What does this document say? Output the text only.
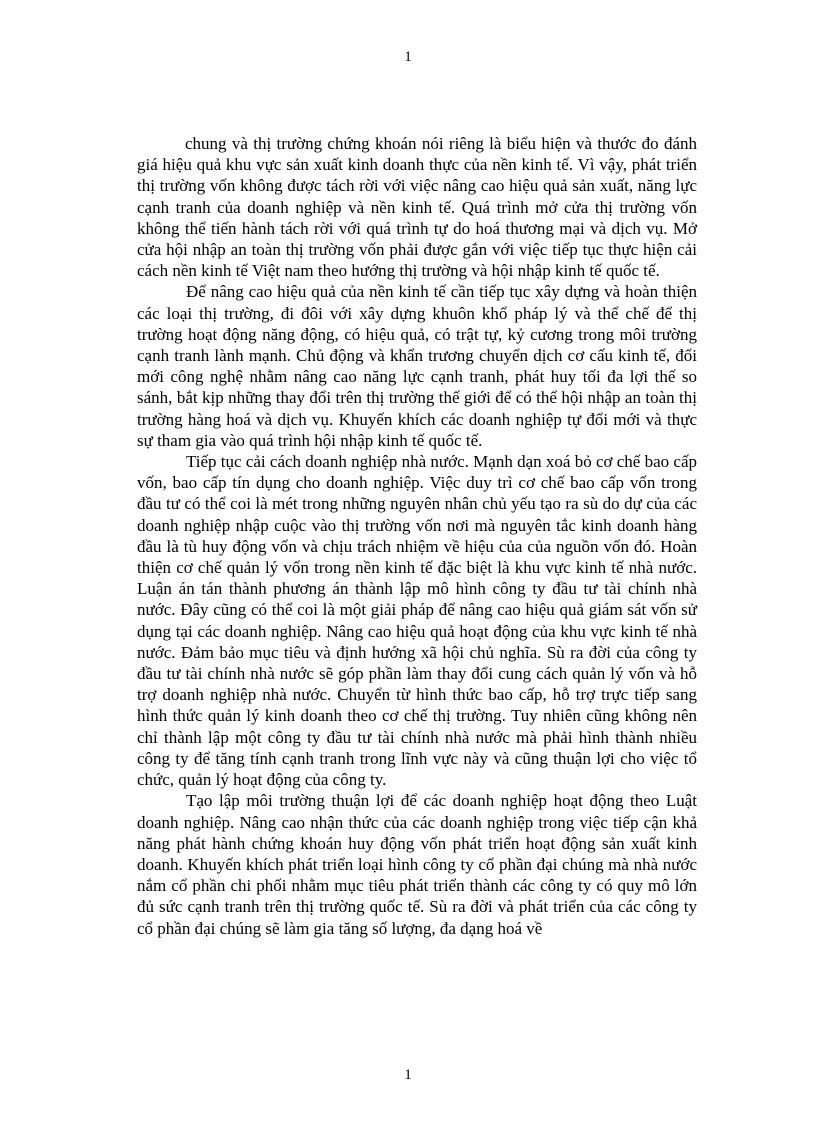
1

chung và thị trường chứng khoán nói riêng là biểu hiện và thước đo đánh giá hiệu quả khu vực sản xuất kinh doanh thực của nền kinh tế. Vì vậy, phát triển thị trường vốn không được tách rời với việc nâng cao hiệu quả sản xuất, năng lực cạnh tranh của doanh nghiệp và nền kinh tế. Quá trình mở cửa thị trường vốn không thể tiến hành tách rời với quá trình tự do hoá thương mại và dịch vụ. Mở cửa hội nhập an toàn thị trường vốn phải được gắn với việc tiếp tục thực hiện cải cách nền kinh tế Việt nam theo hướng thị trường và hội nhập kinh tế quốc tế.

Để nâng cao hiệu quả của nền kinh tế cần tiếp tục xây dựng và hoàn thiện các loại thị trường, đi đôi với xây dựng khuôn khổ pháp lý và thể chế để thị trường hoạt động năng động, có hiệu quả, có trật tự, kỷ cương trong môi trường cạnh tranh lành mạnh. Chủ động và khẩn trương chuyển dịch cơ cấu kinh tế, đổi mới công nghệ nhằm nâng cao năng lực cạnh tranh, phát huy tối đa lợi thế so sánh, bắt kịp những thay đổi trên thị trường thế giới để có thể hội nhập an toàn thị trường hàng hoá và dịch vụ. Khuyến khích các doanh nghiệp tự đổi mới và thực sự tham gia vào quá trình hội nhập kinh tế quốc tế.

Tiếp tục cải cách doanh nghiệp nhà nước. Mạnh dạn xoá bỏ cơ chế bao cấp vốn, bao cấp tín dụng cho doanh nghiệp. Việc duy trì cơ chế bao cấp vốn trong đầu tư có thể coi là mét trong những nguyên nhân chủ yếu tạo ra sù do dự của các doanh nghiệp nhập cuộc vào thị trường vốn nơi mà nguyên tắc kinh doanh hàng đầu là tù huy động vốn và chịu trách nhiệm về hiệu của của nguồn vốn đó. Hoàn thiện cơ chế quản lý vốn trong nền kinh tế đặc biệt là khu vực kinh tế nhà nước. Luận án tán thành phương án thành lập mô hình công ty đầu tư tài chính nhà nước. Đây cũng có thể coi là một giải pháp để nâng cao hiệu quả giám sát vốn sử dụng tại các doanh nghiệp. Nâng cao hiệu quả hoạt động của khu vực kinh tế nhà nước. Đảm bảo mục tiêu và định hướng xã hội chủ nghĩa. Sù ra đời của công ty đầu tư tài chính nhà nước sẽ góp phần làm thay đổi cung cách quản lý vốn và hỗ trợ doanh nghiệp nhà nước. Chuyển từ hình thức bao cấp, hỗ trợ trực tiếp sang hình thức quản lý kinh doanh theo cơ chế thị trường. Tuy nhiên cũng không nên chỉ thành lập một công ty đầu tư tài chính nhà nước mà phải hình thành nhiều công ty để tăng tính cạnh tranh trong lĩnh vực này và cũng thuận lợi cho việc tổ chức, quản lý hoạt động của công ty.

Tạo lập môi trường thuận lợi để các doanh nghiệp hoạt động theo Luật doanh nghiệp. Nâng cao nhận thức của các doanh nghiệp trong việc tiếp cận khả năng phát hành chứng khoán huy động vốn phát triển hoạt động sản xuất kinh doanh. Khuyến khích phát triển loại hình công ty cổ phần đại chúng mà nhà nước nắm cổ phần chi phối nhằm mục tiêu phát triển thành các công ty có quy mô lớn đủ sức cạnh tranh trên thị trường quốc tế. Sù ra đời và phát triển của các công ty cổ phần đại chúng sẽ làm gia tăng số lượng, đa dạng hoá về

1
